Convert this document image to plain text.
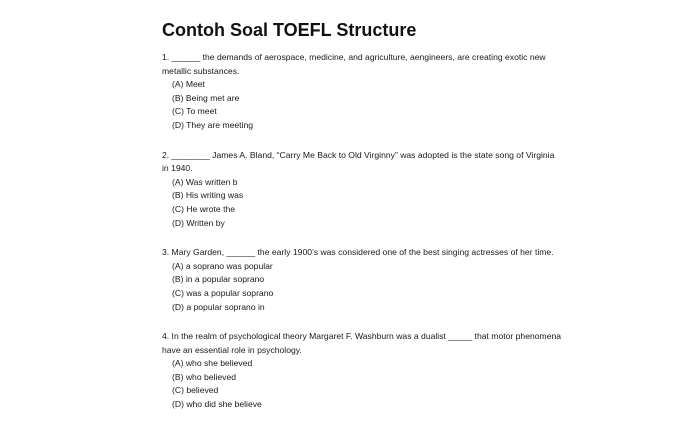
Contoh Soal TOEFL Structure

1. ______ the demands of aerospace, medicine, and agriculture, aengineers, are creating exotic new metallic substances.

(A) Meet
(B) Being met are
(C) To meet
(D) They are meeting

2. ________ James A. Bland, “Carry Me Back to Old Virginny” was adopted is the state song of Virginia in 1940.

(A) Was written b
(B) His writing was
(C) He wrote the
(D) Written by

3. Mary Garden, ______ the early 1900’s was considered one of the best singing actresses of her time.

(A) a soprano was popular
(B) in a popular soprano
(C) was a popular soprano
(D) a popular soprano in

4. In the realm of psychological theory Margaret F. Washburn was a dualist _____ that motor phenomena have an essential role in psychology.

(A) who she believed
(B) who believed
(C) believed
(D) who did she believe
